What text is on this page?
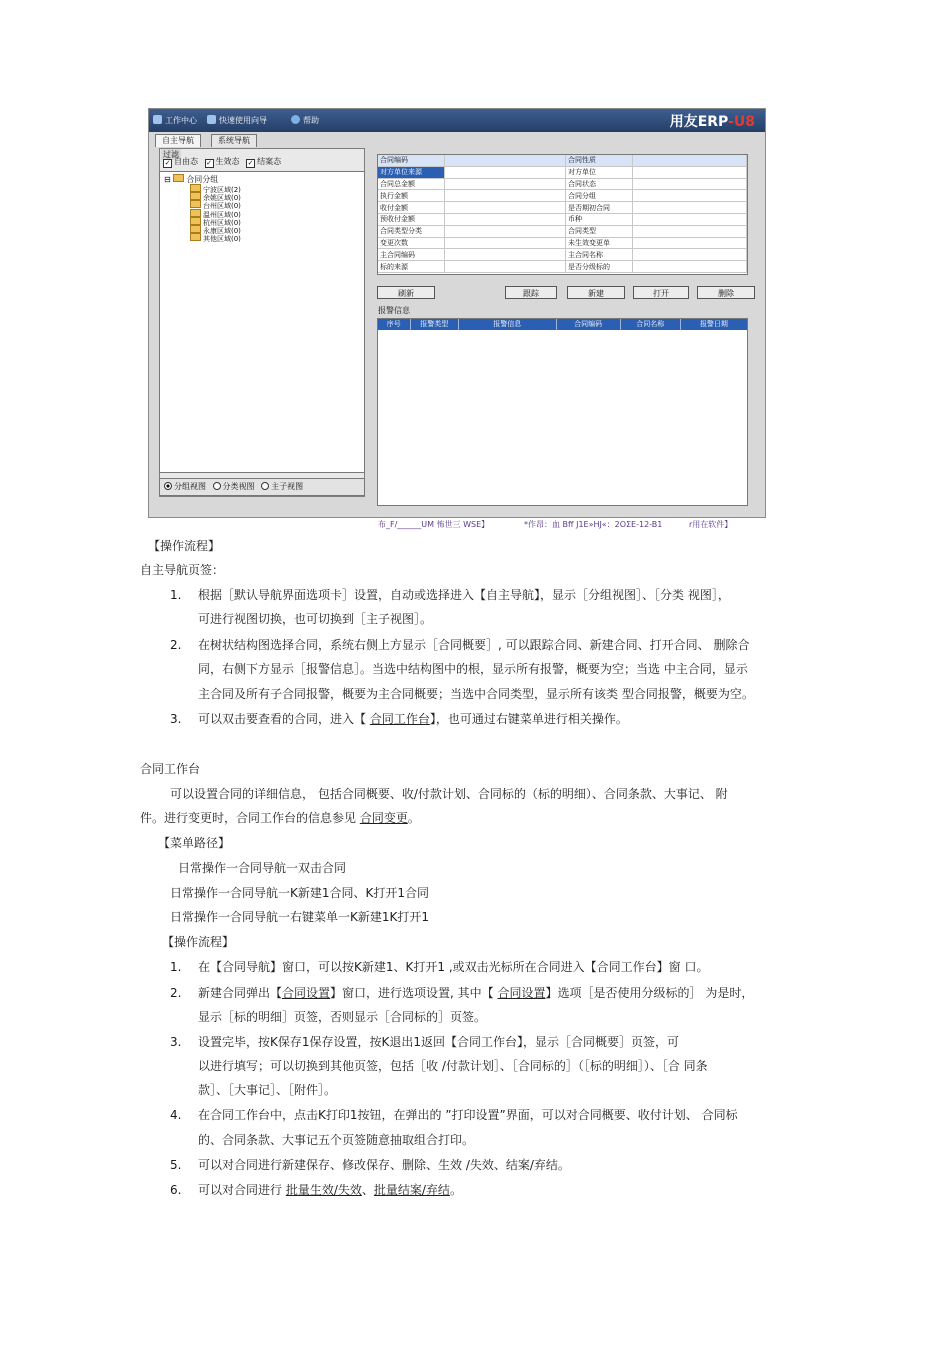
工作中心	快速使用向导	帮助	用友ERP-U8
自主导航	系统导航
过滤
✓ 自由态 ✓ 生效态 ✓ 结案态
⊟ 合同分组
宁波区域(2)
余姚区域(0)
台州区域(0)
温州区域(0)
杭州区域(0)
永康区域(0)
其他区域(0)
分组视图 分类视图 主子视图
合同编码		合同性质	
对方单位来源		对方单位	
合同总金额		合同状态	
执行金额		合同分组	
收付金额		是否期初合同	
预收付金额		币种	
合同类型分类		合同类型	
变更次数		未生效变更单	
主合同编码		主合同名称	
标的来源		是否分级标的	
刷新	跟踪	新建	打开	删除
报警信息
序号	报警类型	报警信息	合同编码	合同名称	报警日期
布_F/______UM 怖世三 WSE】	*作昂：血 Bff J1E»HJ«：2OΣE-12-B1	r用在软件】
【操作流程】
自主导航页签：
1. 根据［默认导航界面选项卡］设置，自动或选择进入【自主导航】，显示［分组视图］、［分类 视图］，
可进行视图切换，也可切换到［主子视图］。
2. 在树状结构图选择合同，系统右侧上方显示［合同概要］, 可以跟踪合同、新建合同、打开合同、 删除合
同，右侧下方显示［报警信息］。当选中结构图中的根，显示所有报警，概要为空；当选 中主合同，显示
主合同及所有子合同报警，概要为主合同概要；当选中合同类型，显示所有该类 型合同报警，概要为空。
3. 可以双击要查看的合同，进入【 合同工作台】，也可通过右键菜单进行相关操作。
合同工作台
可以设置合同的详细信息， 包括合同概要、收/付款计划、合同标的（标的明细）、合同条款、大事记、 附
件。进行变更时，合同工作台的信息参见 合同变更。
【菜单路径】
日常操作一合同导航一双击合同
日常操作一合同导航一K新建1合同、K打开1合同
日常操作一合同导航一右键菜单一K新建1K打开1
【操作流程】
1. 在【合同导航】窗口，可以按K新建1、K打开1 ,或双击光标所在合同进入【合同工作台】窗 口。
2. 新建合同弹出【合同设置】窗口，进行选项设置, 其中【 合同设置】选项［是否使用分级标的］ 为是时，
显示［标的明细］页签，否则显示［合同标的］页签。
3. 设置完毕，按K保存1保存设置，按K退出1返回【合同工作台】，显示［合同概要］页签，可
以进行填写；可以切换到其他页签，包括［收 /付款计划］、［合同标的］（［标的明细］）、［合 同条
款］、［大事记］、［附件］。
4. 在合同工作台中，点击K打印1按钮，在弹出的 ”打印设置”界面，可以对合同概要、收付计划、 合同标
的、合同条款、大事记五个页签随意抽取组合打印。
5. 可以对合同进行新建保存、修改保存、删除、生效 /失效、结案/弃结。
6. 可以对合同进行 批量生效/失效、批量结案/弃结。
